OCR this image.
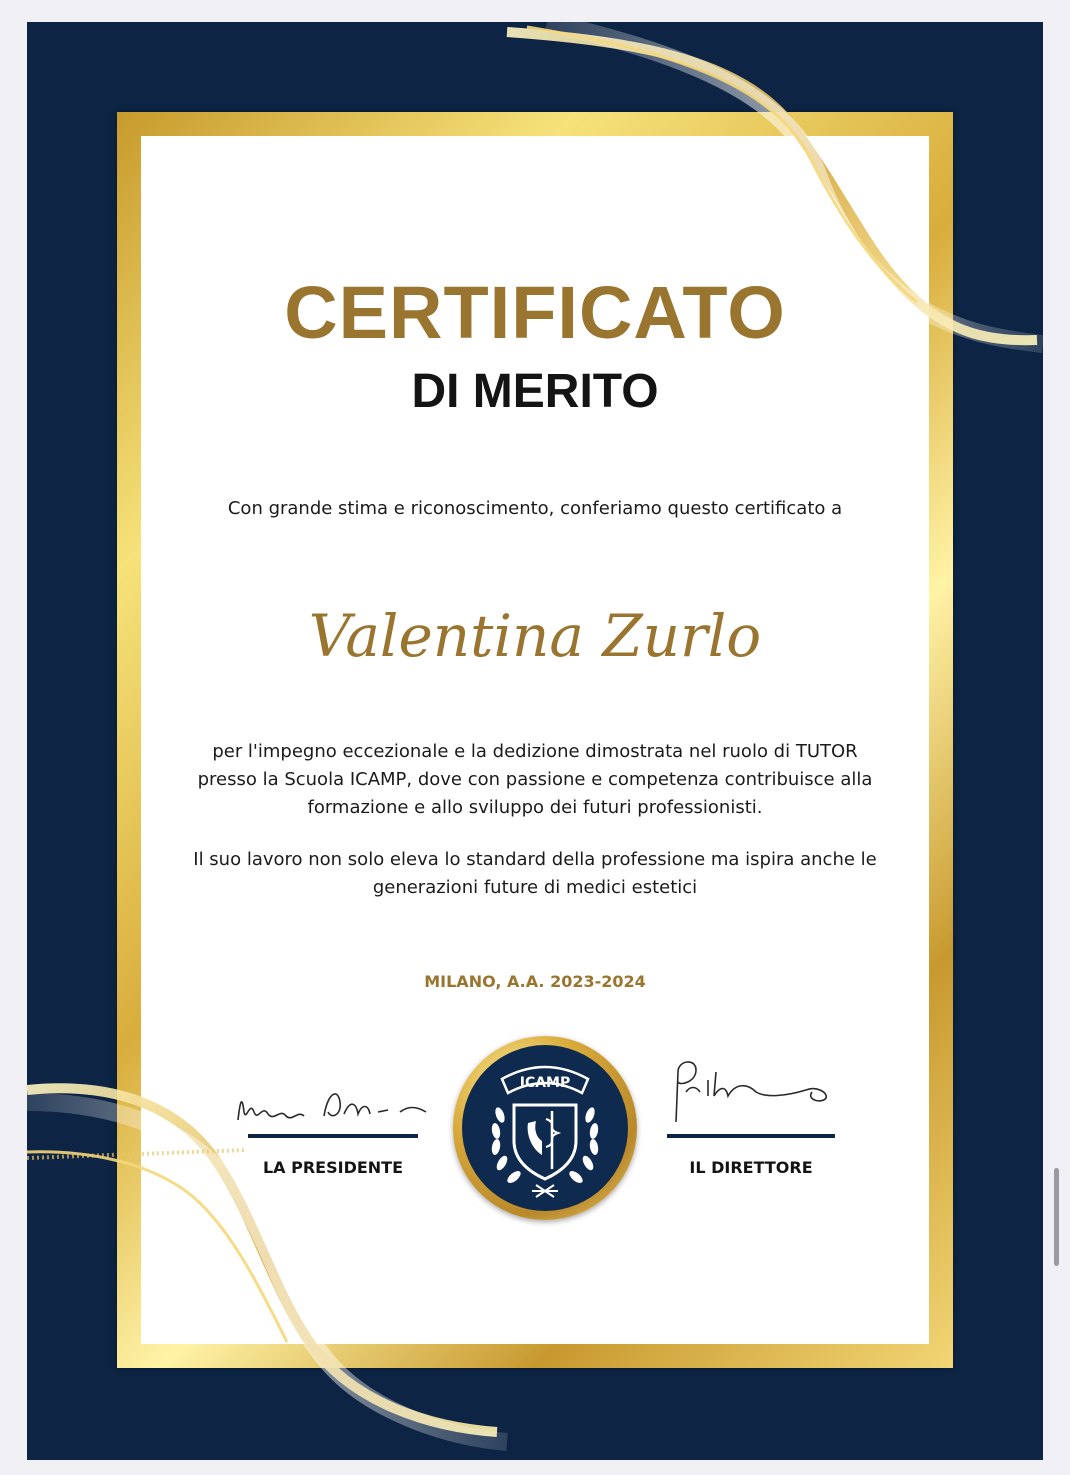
CERTIFICATO
DI MERITO
Con grande stima e riconoscimento, conferiamo questo certificato a
Valentina Zurlo

per l'impegno eccezionale e la dedizione dimostrata nel ruolo di TUTOR presso la Scuola ICAMP, dove con passione e competenza contribuisce alla formazione e allo sviluppo dei futuri professionisti.

Il suo lavoro non solo eleva lo standard della professione ma ispira anche le generazioni future di medici estetici

MILANO, A.A. 2023-2024
LA PRESIDENTE
ICAMP
IL DIRETTORE
